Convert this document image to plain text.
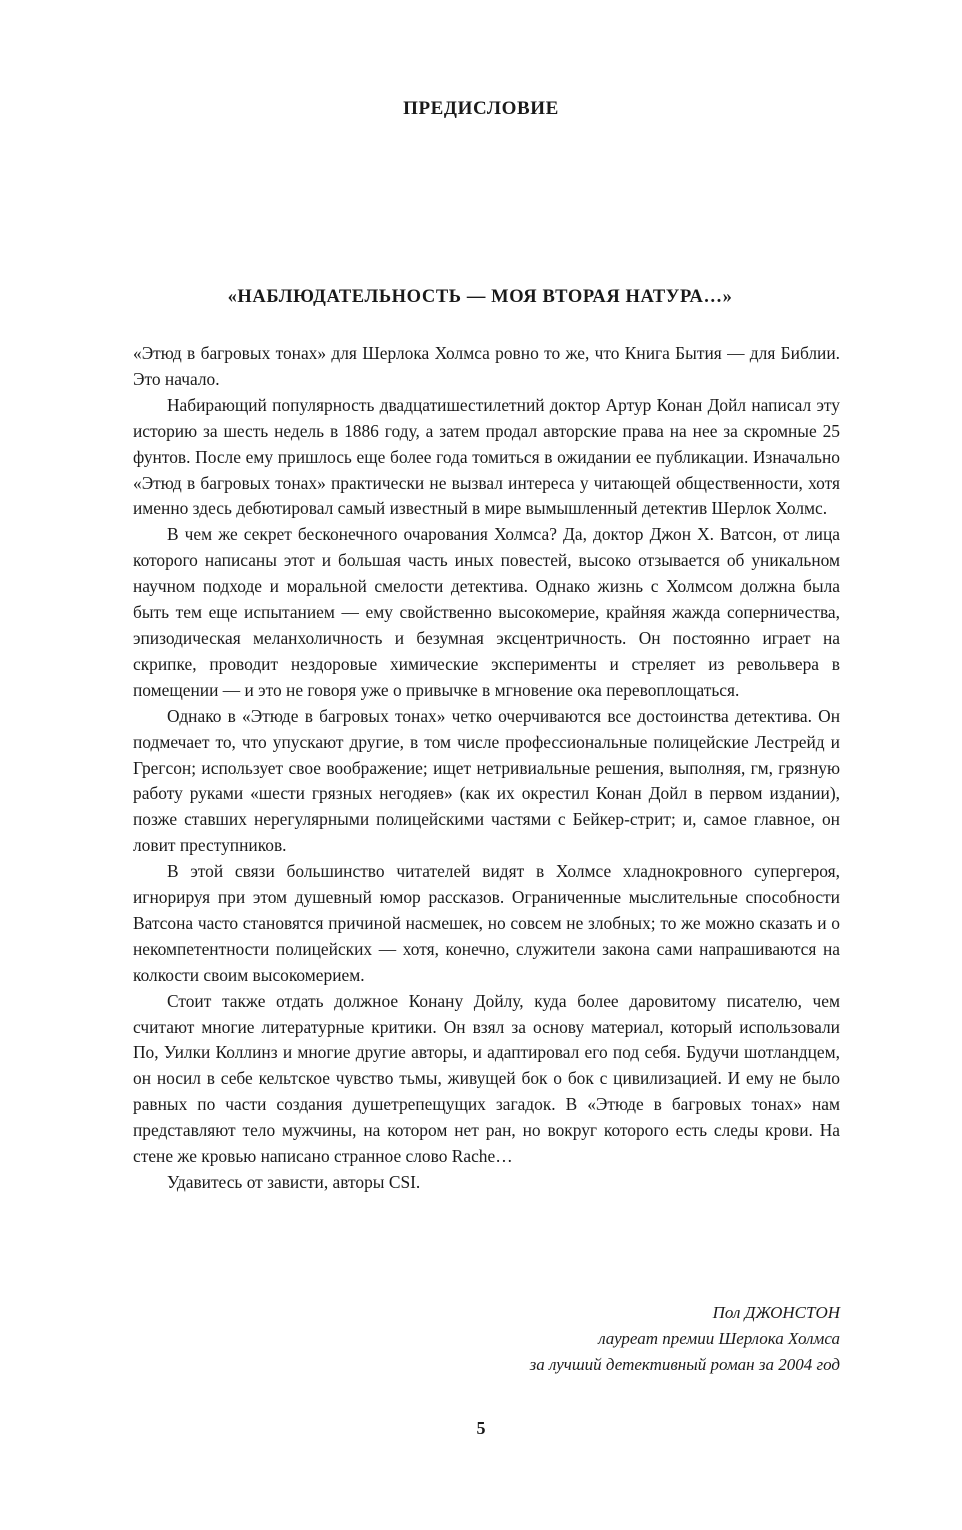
ПРЕДИСЛОВИЕ
«НАБЛЮДАТЕЛЬНОСТЬ — МОЯ ВТОРАЯ НАТУРА…»

«Этюд в багровых тонах» для Шерлока Холмса ровно то же, что Книга Бытия — для Библии. Это начало.

Набирающий популярность двадцатишестилетний доктор Артур Конан Дойл написал эту историю за шесть недель в 1886 году, а затем продал авторские права на нее за скромные 25 фунтов. После ему пришлось еще более года томиться в ожидании ее публикации. Изначально «Этюд в багровых тонах» практически не вызвал интереса у читающей общественности, хотя именно здесь дебютировал самый известный в мире вымышленный детектив Шерлок Холмс.

В чем же секрет бесконечного очарования Холмса? Да, доктор Джон Х. Ватсон, от лица которого написаны этот и большая часть иных повестей, высоко отзывается об уникальном научном подходе и моральной смелости детектива. Однако жизнь с Холмсом должна была быть тем еще испытанием — ему свойственно высокомерие, крайняя жажда соперничества, эпизодическая меланхоличность и безумная эксцентричность. Он постоянно играет на скрипке, проводит нездоровые химические эксперименты и стреляет из револьвера в помещении — и это не говоря уже о привычке в мгновение ока перевоплощаться.

Однако в «Этюде в багровых тонах» четко очерчиваются все достоинства детектива. Он подмечает то, что упускают другие, в том числе профессиональные полицейские Лестрейд и Грегсон; использует свое воображение; ищет нетривиальные решения, выполняя, гм, грязную работу руками «шести грязных негодяев» (как их окрестил Конан Дойл в первом издании), позже ставших нерегулярными полицейскими частями с Бейкер-стрит; и, самое главное, он ловит преступников.

В этой связи большинство читателей видят в Холмсе хладнокровного супергероя, игнорируя при этом душевный юмор рассказов. Ограниченные мыслительные способности Ватсона часто становятся причиной насмешек, но совсем не злобных; то же можно сказать и о некомпетентности полицейских — хотя, конечно, служители закона сами напрашиваются на колкости своим высокомерием.

Стоит также отдать должное Конану Дойлу, куда более даровитому писателю, чем считают многие литературные критики. Он взял за основу материал, который использовали По, Уилки Коллинз и многие другие авторы, и адаптировал его под себя. Будучи шотландцем, он носил в себе кельтское чувство тьмы, живущей бок о бок с цивилизацией. И ему не было равных по части создания душетрепещущих загадок. В «Этюде в багровых тонах» нам представляют тело мужчины, на котором нет ран, но вокруг которого есть следы крови. На стене же кровью написано странное слово Rache…

Удавитесь от зависти, авторы CSI.

Пол ДЖОНСТОН
лауреат премии Шерлока Холмса
за лучший детективный роман за 2004 год
5
